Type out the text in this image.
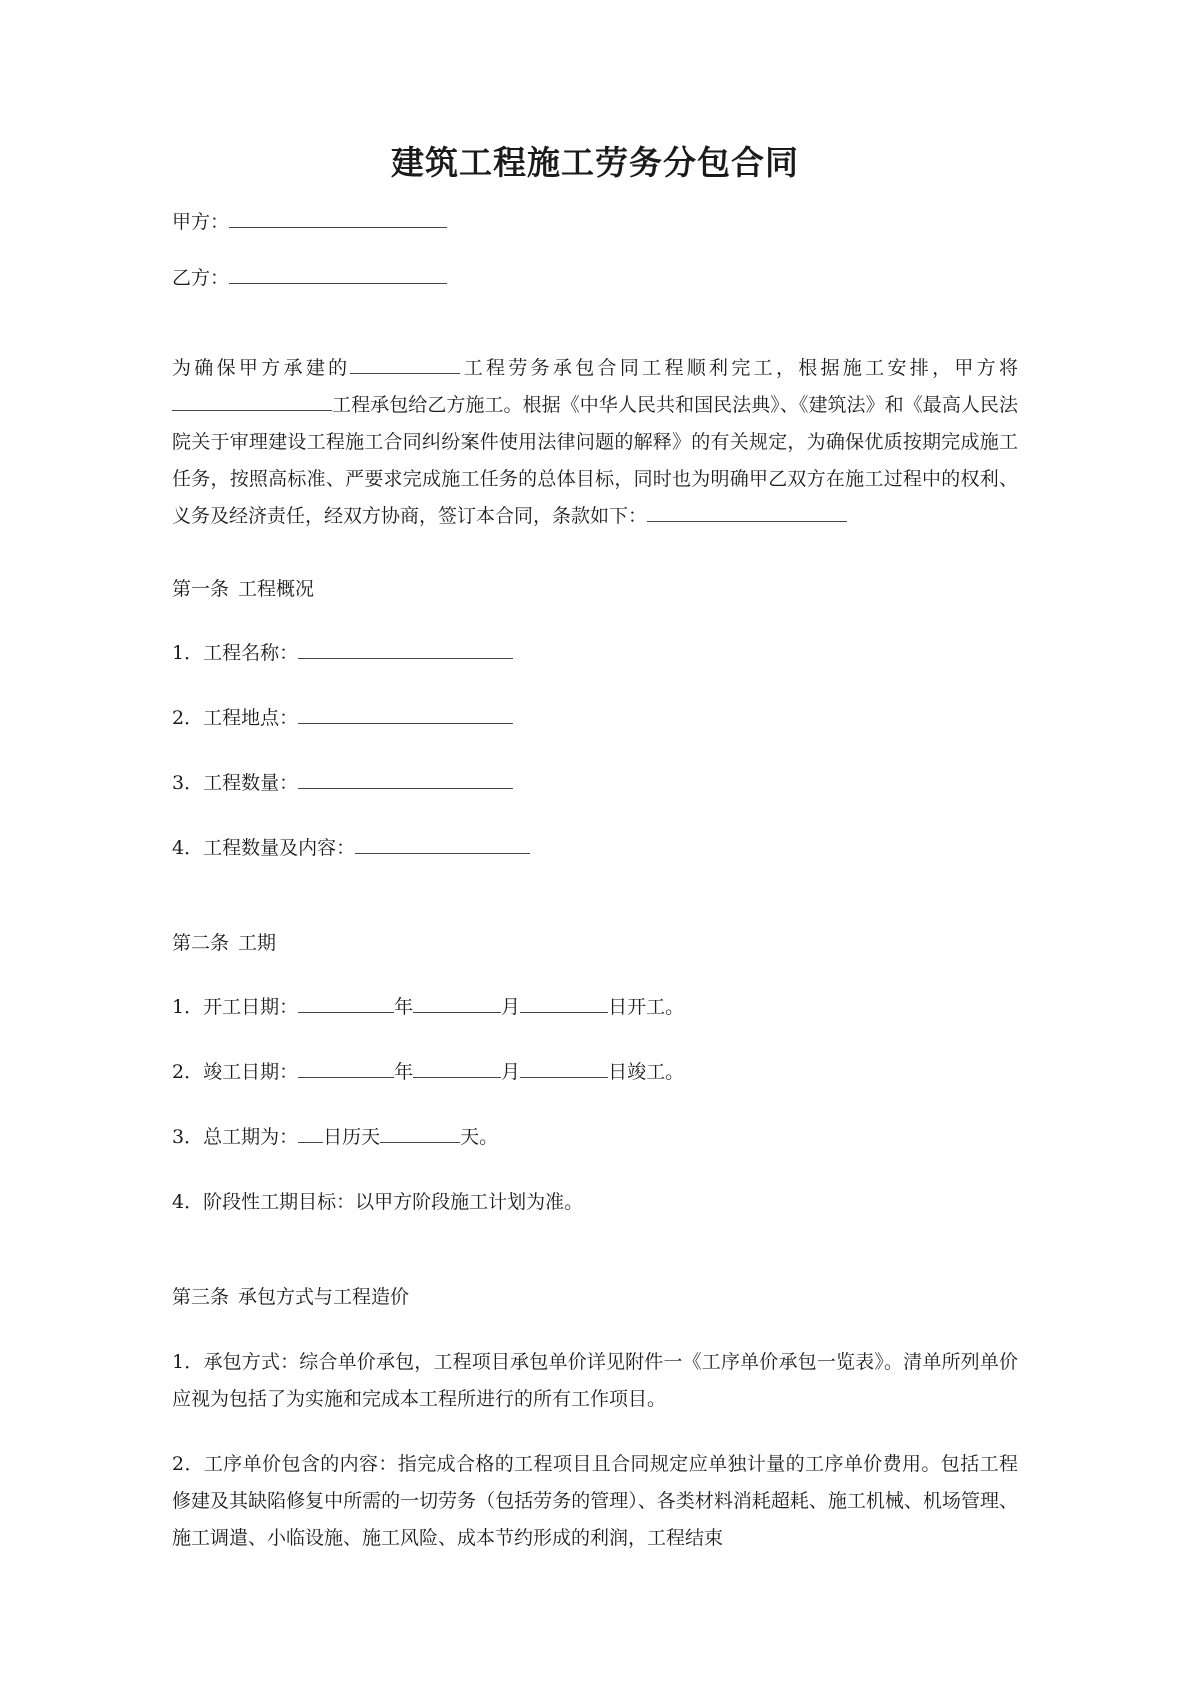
建筑工程施工劳务分包合同
甲方：
乙方：

为确保甲方承建的	工程劳务承包合同工程顺利完工，根据施工安排，甲方将工程承包给乙方施工。根据《中华人民共和国民法典》、《建筑法》和《最高人民法院关于审理建设工程施工合同纠纷案件使用法律问题的解释》的有关规定，为确保优质按期完成施工任务，按照高标准、严要求完成施工任务的总体目标，同时也为明确甲乙双方在施工过程中的权利、义务及经济责任，经双方协商，签订本合同，条款如下：

第一条 工程概况
1．工程名称：
2．工程地点：
3．工程数量：
4．工程数量及内容：
第二条 工期
1．开工日期：	年	月	日开工。
2．竣工日期：	年	月	日竣工。
3．总工期为： 日历天	天。
4．阶段性工期目标：以甲方阶段施工计划为准。
第三条 承包方式与工程造价
1．承包方式：综合单价承包，工程项目承包单价详见附件一《工序单价承包一览表》。清单所列单价应视为包括了为实施和完成本工程所进行的所有工作项目。
2．工序单价包含的内容：指完成合格的工程项目且合同规定应单独计量的工序单价费用。包括工程修建及其缺陷修复中所需的一切劳务（包括劳务的管理）、各类材料消耗超耗、施工机械、机场管理、施工调遣、小临设施、施工风险、成本节约形成的利润，工程结束
